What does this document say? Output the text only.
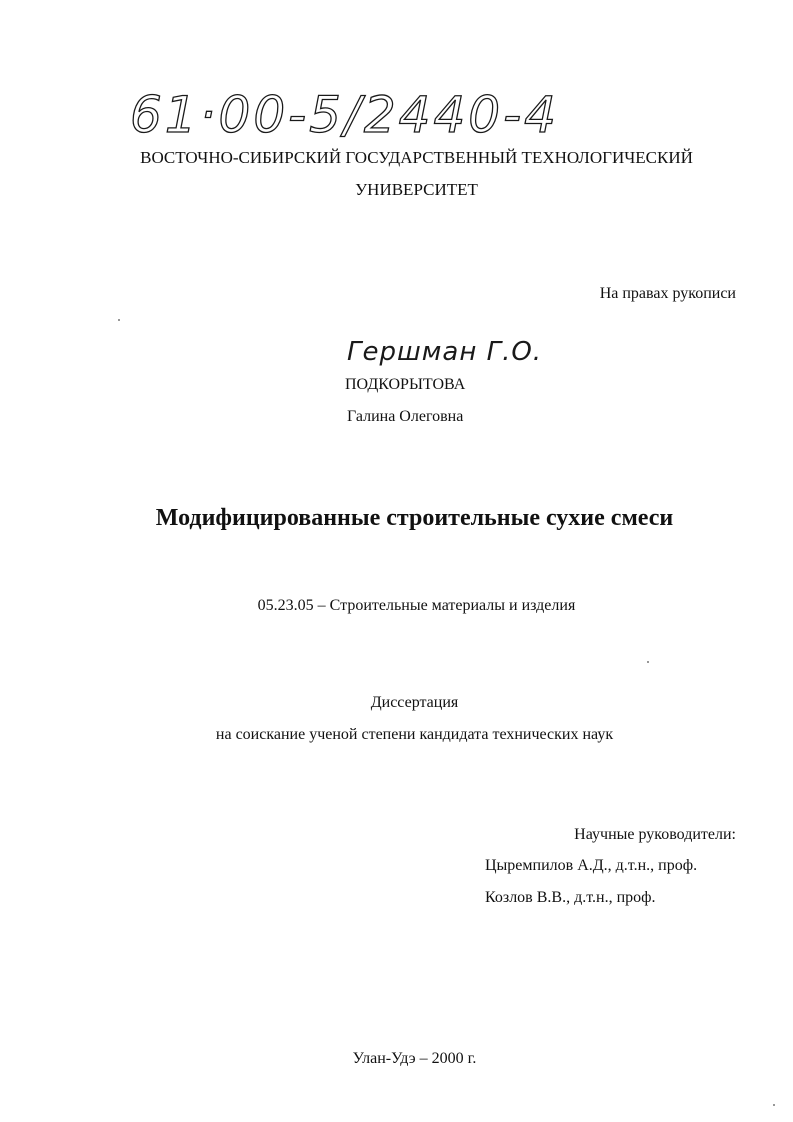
61·00-5/2440-4
ВОСТОЧНО-СИБИРСКИЙ ГОСУДАРСТВЕННЫЙ ТЕХНОЛОГИЧЕСКИЙ
УНИВЕРСИТЕТ
На правах рукописи
Гершман Г.О.
ПОДКОРЫТОВА
Галина Олеговна
Модифицированные строительные сухие смеси
05.23.05 – Строительные материалы и изделия
Диссертация
на соискание ученой степени кандидата технических наук
Научные руководители:
Цыремпилов А.Д., д.т.н., проф.
Козлов В.В., д.т.н., проф.
Улан-Удэ – 2000 г.
